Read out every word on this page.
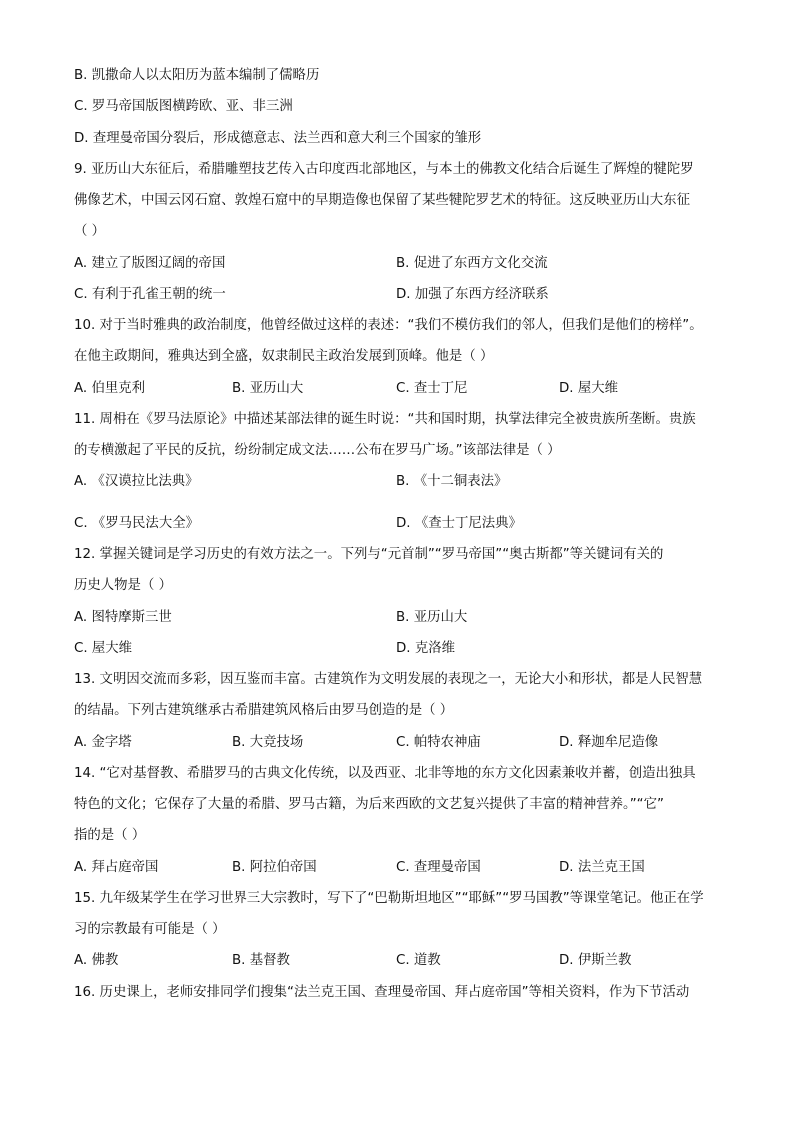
B. 凯撒命人以太阳历为蓝本编制了儒略历
C. 罗马帝国版图横跨欧、亚、非三洲
D. 查理曼帝国分裂后，形成德意志、法兰西和意大利三个国家的雏形
9. 亚历山大东征后，希腊雕塑技艺传入古印度西北部地区，与本土的佛教文化结合后诞生了辉煌的犍陀罗
佛像艺术，中国云冈石窟、敦煌石窟中的早期造像也保留了某些犍陀罗艺术的特征。这反映亚历山大东征
（ ）
A. 建立了版图辽阔的帝国	B. 促进了东西方文化交流
C. 有利于孔雀王朝的统一	D. 加强了东西方经济联系
10. 对于当时雅典的政治制度，他曾经做过这样的表述：“我们不模仿我们的邻人，但我们是他们的榜样”。
在他主政期间，雅典达到全盛，奴隶制民主政治发展到顶峰。他是（ ）
A. 伯里克利	B. 亚历山大	C. 查士丁尼	D. 屋大维
11. 周枏在《罗马法原论》中描述某部法律的诞生时说：“共和国时期，执掌法律完全被贵族所垄断。贵族
的专横激起了平民的反抗，纷纷制定成文法……公布在罗马广场。”该部法律是（ ）
A. 《汉谟拉比法典》	B. 《十二铜表法》
C. 《罗马民法大全》	D. 《查士丁尼法典》
12. 掌握关键词是学习历史的有效方法之一。下列与“元首制”“罗马帝国”“奥古斯都”等关键词有关的
历史人物是（ ）
A. 图特摩斯三世	B. 亚历山大
C. 屋大维	D. 克洛维
13. 文明因交流而多彩，因互鉴而丰富。古建筑作为文明发展的表现之一，无论大小和形状，都是人民智慧
的结晶。下列古建筑继承古希腊建筑风格后由罗马创造的是（ ）
A. 金字塔	B. 大竞技场	C. 帕特农神庙	D. 释迦牟尼造像
14. “它对基督教、希腊罗马的古典文化传统，以及西亚、北非等地的东方文化因素兼收并蓄，创造出独具
特色的文化；它保存了大量的希腊、罗马古籍，为后来西欧的文艺复兴提供了丰富的精神营养。”“它”
指的是（ ）
A. 拜占庭帝国	B. 阿拉伯帝国	C. 查理曼帝国	D. 法兰克王国
15. 九年级某学生在学习世界三大宗教时，写下了“巴勒斯坦地区”“耶稣”“罗马国教”等课堂笔记。他正在学
习的宗教最有可能是（ ）
A. 佛教	B. 基督教	C. 道教	D. 伊斯兰教
16. 历史课上，老师安排同学们搜集“法兰克王国、查理曼帝国、拜占庭帝国”等相关资料，作为下节活动
